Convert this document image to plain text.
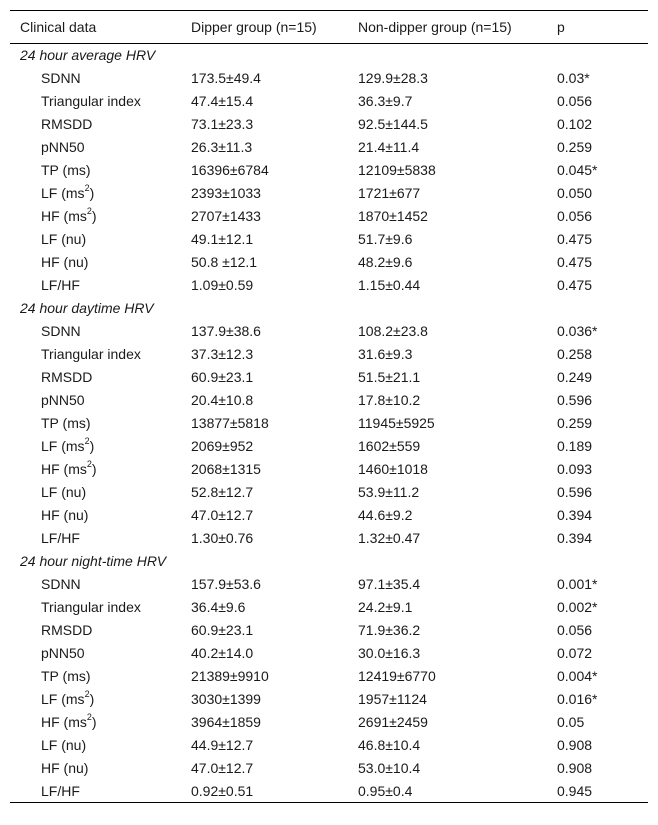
Clinical data	Dipper group (n=15)	Non-dipper group (n=15)	p
24 hour average HRV			
SDNN	173.5±49.4	129.9±28.3	0.03*
Triangular index	47.4±15.4	36.3±9.7	0.056
RMSDD	73.1±23.3	92.5±144.5	0.102
pNN50	26.3±11.3	21.4±11.4	0.259
TP (ms)	16396±6784	12109±5838	0.045*
LF $(ms^2)$	2393±1033	1721±677	0.050
HF $(ms^2)$	2707±1433	1870±1452	0.056
LF (nu)	49.1±12.1	51.7±9.6	0.475
HF (nu)	50.8 ±12.1	48.2±9.6	0.475
LF/HF	1.09±0.59	1.15±0.44	0.475
24 hour daytime HRV			
SDNN	137.9±38.6	108.2±23.8	0.036*
Triangular index	37.3±12.3	31.6±9.3	0.258
RMSDD	60.9±23.1	51.5±21.1	0.249
pNN50	20.4±10.8	17.8±10.2	0.596
TP (ms)	13877±5818	11945±5925	0.259
LF $(ms^2)$	2069±952	1602±559	0.189
HF $(ms^2)$	2068±1315	1460±1018	0.093
LF (nu)	52.8±12.7	53.9±11.2	0.596
HF (nu)	47.0±12.7	44.6±9.2	0.394
LF/HF	1.30±0.76	1.32±0.47	0.394
24 hour night-time HRV			
SDNN	157.9±53.6	97.1±35.4	0.001*
Triangular index	36.4±9.6	24.2±9.1	0.002*
RMSDD	60.9±23.1	71.9±36.2	0.056
pNN50	40.2±14.0	30.0±16.3	0.072
TP (ms)	21389±9910	12419±6770	0.004*
LF $(ms^2)$	3030±1399	1957±1124	0.016*
HF $(ms^2)$	3964±1859	2691±2459	0.05
LF (nu)	44.9±12.7	46.8±10.4	0.908
HF (nu)	47.0±12.7	53.0±10.4	0.908
LF/HF	0.92±0.51	0.95±0.4	0.945
